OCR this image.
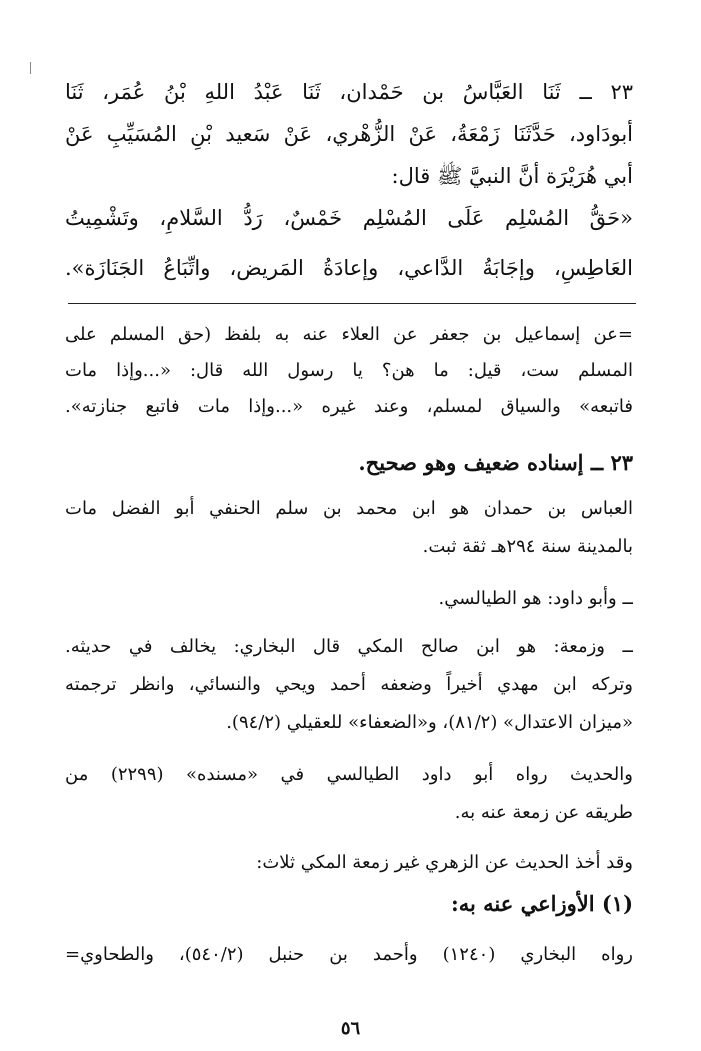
٢٣ ــ ثَنَا العَبَّاسُ بن حَمْدان، ثَنَا عَبْدُ اللهِ بْنُ عُمَر، ثَنَا
أبودَاود، حَدَّثَنَا زَمْعَةُ، عَنْ الزُّهْري، عَنْ سَعيد بْنِ المُسَيِّبِ عَنْ
أبي هُرَيْرَة أنَّ النبيَّ ﷺ قال:
«حَقُّ المُسْلِم عَلَى المُسْلِم خَمْسٌ، رَدُّ السَّلامِ، وتَشْمِيتُ
العَاطِسِ، وإجَابَةُ الدَّاعي، وإعادَةُ المَريض، واتِّبَاعُ الجَنَازَة».
=عن إسماعيل بن جعفر عن العلاء عنه به بلفظ (حق المسلم على
المسلم ست، قيل: ما هن؟ يا رسول الله قال: «...وإذا مات
فاتبعه» والسياق لمسلم، وعند غيره «...وإذا مات فاتبع جنازته».
٢٣ ــ إسناده ضعيف وهو صحيح.
العباس بن حمدان هو ابن محمد بن سلم الحنفي أبو الفضل مات
بالمدينة سنة ٢٩٤هـ ثقة ثبت.
ــ وأبو داود: هو الطيالسي.
ــ وزمعة: هو ابن صالح المكي قال البخاري: يخالف في حديثه.
وتركه ابن مهدي أخيراً وضعفه أحمد ويحي والنسائي، وانظر ترجمته
«ميزان الاعتدال» (٨١/٢)، و«الضعفاء» للعقيلي (٩٤/٢).
والحديث رواه أبو داود الطيالسي في «مسنده» (٢٢٩٩) من
طريقه عن زمعة عنه به.
وقد أخذ الحديث عن الزهري غير زمعة المكي ثلاث:
(١) الأوزاعي عنه به:
رواه البخاري (١٢٤٠) وأحمد بن حنبل (٥٤٠/٢)، والطحاوي=
٥٦
